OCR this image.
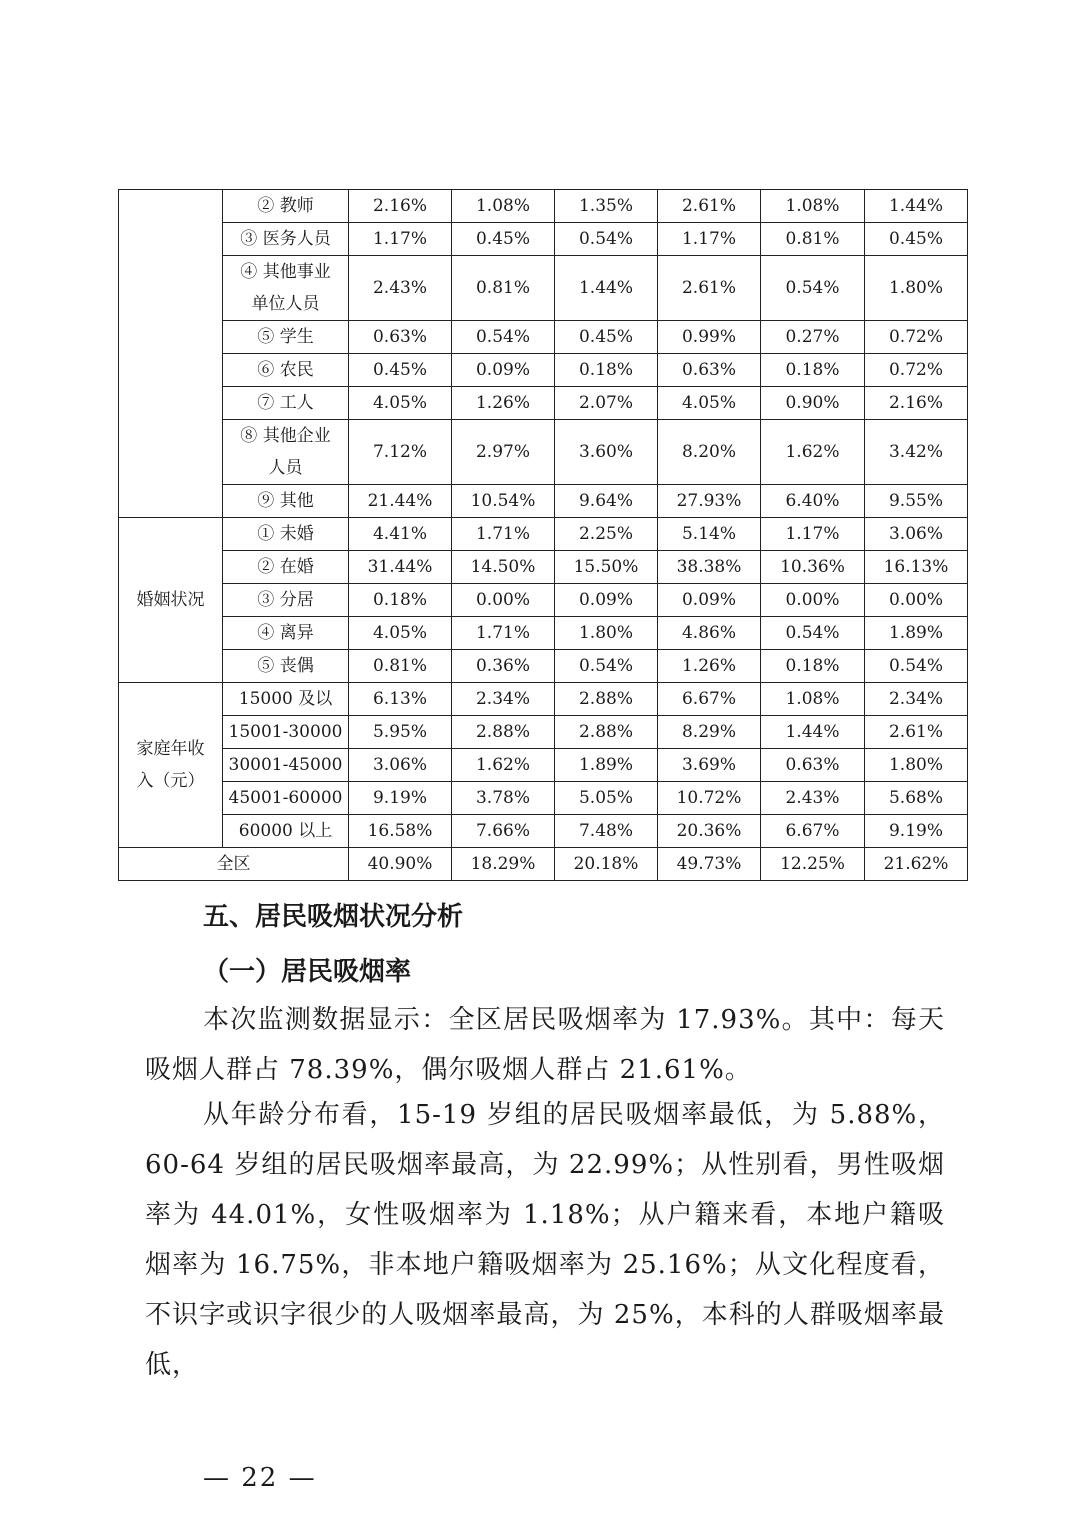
	② 教师	2.16%	1.08%	1.35%	2.61%	1.08%	1.44%
	③ 医务人员	1.17%	0.45%	0.54%	1.17%	0.81%	0.45%

	④ 其他事业
单位人员	2.43%	0.81%	1.44%	2.61%	0.54%	1.80%
	⑤ 学生	0.63%	0.54%	0.45%	0.99%	0.27%	0.72%
	⑥ 农民	0.45%	0.09%	0.18%	0.63%	0.18%	0.72%
	⑦ 工人	4.05%	1.26%	2.07%	4.05%	0.90%	2.16%

	⑧ 其他企业
人员	7.12%	2.97%	3.60%	8.20%	1.62%	3.42%
	⑨ 其他	21.44%	10.54%	9.64%	27.93%	6.40%	9.55%
婚姻状况	① 未婚	4.41%	1.71%	2.25%	5.14%	1.17%	3.06%
	② 在婚	31.44%	14.50%	15.50%	38.38%	10.36%	16.13%
	③ 分居	0.18%	0.00%	0.09%	0.09%	0.00%	0.00%
	④ 离异	4.05%	1.71%	1.80%	4.86%	0.54%	1.89%
	⑤ 丧偶	0.81%	0.36%	0.54%	1.26%	0.18%	0.54%
家庭年收入（元）	15000 及以	6.13%	2.34%	2.88%	6.67%	1.08%	2.34%
	15001-30000	5.95%	2.88%	2.88%	8.29%	1.44%	2.61%
	30001-45000	3.06%	1.62%	1.89%	3.69%	0.63%	1.80%
	45001-60000	9.19%	3.78%	5.05%	10.72%	2.43%	5.68%
	60000 以上	16.58%	7.66%	7.48%	20.36%	6.67%	9.19%
全区		40.90%	18.29%	20.18%	49.73%	12.25%	21.62%
五、居民吸烟状况分析
（一）居民吸烟率

本次监测数据显示：全区居民吸烟率为 17.93%。其中：每天吸烟人群占 78.39%，偶尔吸烟人群占 21.61%。

从年龄分布看，15-19 岁组的居民吸烟率最低，为 5.88%，60-64 岁组的居民吸烟率最高，为 22.99%；从性别看，男性吸烟率为 44.01%，女性吸烟率为 1.18%；从户籍来看，本地户籍吸烟率为 16.75%，非本地户籍吸烟率为 25.16%；从文化程度看，不识字或识字很少的人吸烟率最高，为 25%，本科的人群吸烟率最低，

— 22 —
